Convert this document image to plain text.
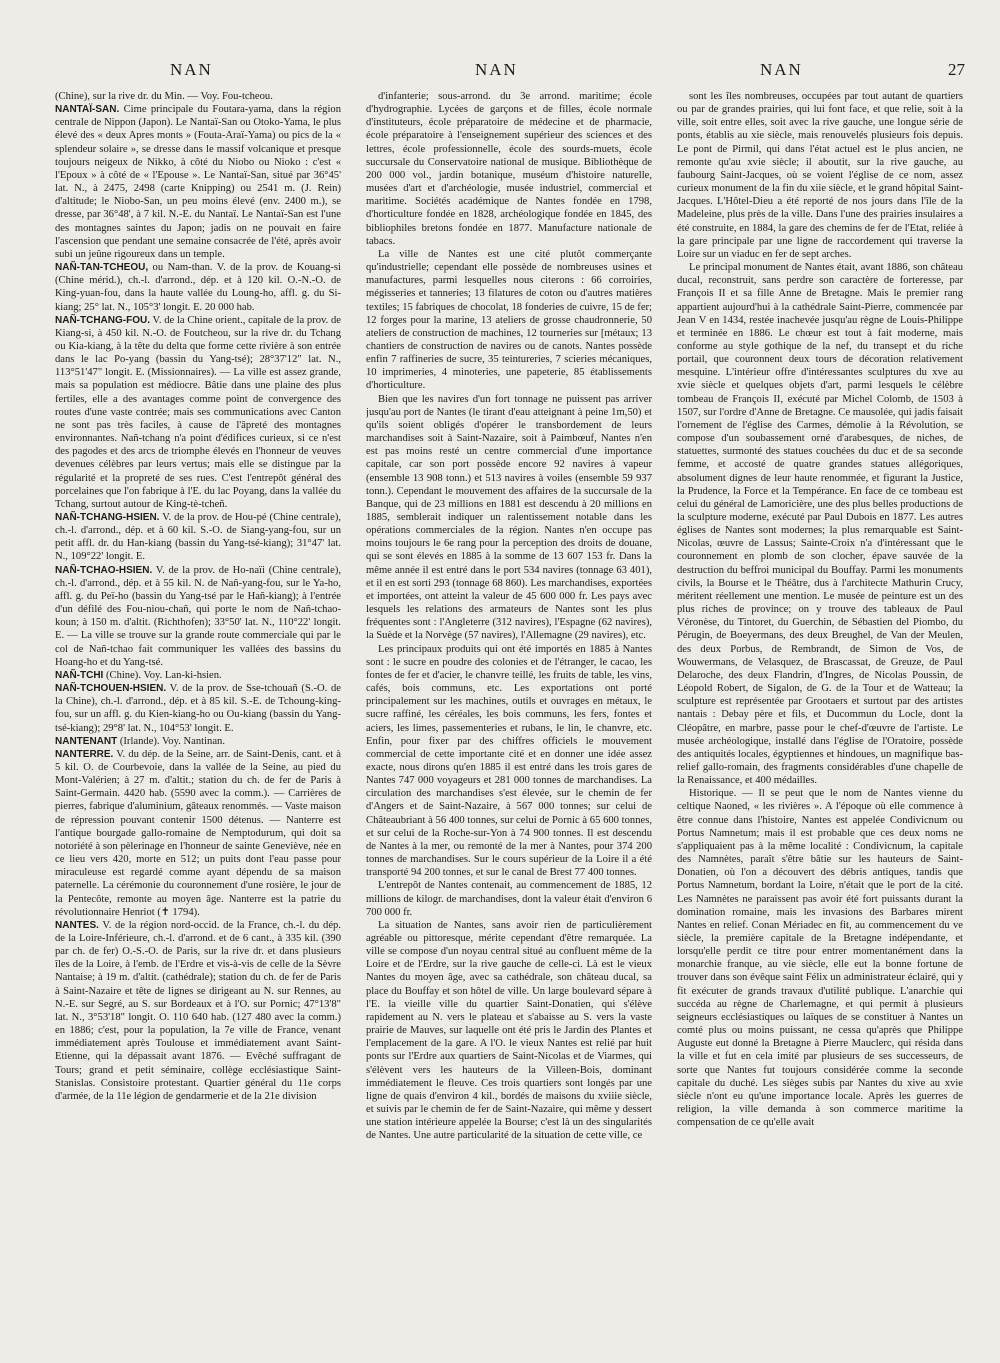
NAN	NAN	NAN	27

(Chine), sur la rive dr. du Min. — Voy. Fou-tcheou.

NANTAÏ-SAN. Cime principale du Foutara-yama, dans la région centrale de Nippon (Japon). Le Nantaï-San ou Otoko-Yama, le plus élevé des « deux Apres monts » (Fouta-Araï-Yama) ou pics de la « splendeur solaire », se dresse dans le massif volcanique et presque toujours neigeux de Nikko, à côté du Niobo ou Nioko : c'est « l'Epoux » à côté de « l'Epouse ». Le Nantaï-San, situé par 36°45' lat. N., à 2475, 2498 (carte Knipping) ou 2541 m. (J. Rein) d'altitude; le Niobo-San, un peu moins élevé (env. 2400 m.), se dresse, par 36°48', à 7 kil. N.-E. du Nantaï. Le Nantaï-San est l'une des montagnes saintes du Japon; jadis on ne pouvait en faire l'ascension que pendant une semaine consacrée de l'été, après avoir subi un jeûne rigoureux dans un temple.

NAÑ-TAN-TCHEOU, ou Nam-than. V. de la prov. de Kouang-si (Chine mérid.), ch.-l. d'arrond., dép. et à 120 kil. O.-N.-O. de King-yuan-fou, dans la haute vallée du Loung-ho, affl. g. du Si-kiang; 25° lat. N., 105°3' longit. E. 20 000 hab.

NAÑ-TCHANG-FOU. V. de la Chine orient., capitale de la prov. de Kiang-si, à 450 kil. N.-O. de Foutcheou, sur la rive dr. du Tchang ou Kia-kiang, à la tête du delta que forme cette rivière à son entrée dans le lac Po-yang (bassin du Yang-tsé); 28°37'12" lat. N., 113°51'47" longit. E. (Missionnaires). — La ville est assez grande, mais sa population est médiocre. Bâtie dans une plaine des plus fertiles, elle a des avantages comme point de convergence des routes d'une vaste contrée; mais ses communications avec Canton ne sont pas très faciles, à cause de l'âpreté des montagnes environnantes. Nañ-tchang n'a point d'édifices curieux, si ce n'est des pagodes et des arcs de triomphe élevés en l'honneur de veuves devenues célèbres par leurs vertus; mais elle se distingue par la régularité et la propreté de ses rues. C'est l'entrepôt général des porcelaines que l'on fabrique à l'E. du lac Poyang, dans la vallée du Tchang, surtout autour de King-tè-tcheñ.

NAÑ-TCHANG-HSIEN. V. de la prov. de Hou-pé (Chine centrale), ch.-l. d'arrond., dép. et à 60 kil. S.-O. de Siang-yang-fou, sur un petit affl. dr. du Han-kiang (bassin du Yang-tsé-kiang); 31°47' lat. N., 109°22' longit. E.

NAÑ-TCHAO-HSIEN. V. de la prov. de Ho-naïi (Chine centrale), ch.-l. d'arrond., dép. et à 55 kil. N. de Nañ-yang-fou, sur le Ya-ho, affl. g. du Peï-ho (bassin du Yang-tsé par le Hañ-kiang); à l'entrée d'un défilé des Fou-niou-chañ, qui porte le nom de Nañ-tchao-koun; à 150 m. d'altit. (Richthofen); 33°50' lat. N., 110°22' longit. E. — La ville se trouve sur la grande route commerciale qui par le col de Nañ-tchao fait communiquer les vallées des bassins du Hoang-ho et du Yang-tsé.

NAÑ-TCHI (Chine). Voy. Lan-ki-hsien.

NAÑ-TCHOUEN-HSIEN. V. de la prov. de Sse-tchouañ (S.-O. de la Chine), ch.-l. d'arrond., dép. et à 85 kil. S.-E. de Tchoung-king-fou, sur un affl. g. du Kien-kiang-ho ou Ou-kiang (bassin du Yang-tsé-kiang); 29°8' lat. N., 104°53' longit. E.

NANTENANT (Irlande). Voy. Nantinan.

NANTERRE. V. du dép. de la Seine, arr. de Saint-Denis, cant. et à 5 kil. O. de Courbevoie, dans la vallée de la Seine, au pied du Mont-Valérien; à 27 m. d'altit.; station du ch. de fer de Paris à Saint-Germain. 4420 hab. (5590 avec la comm.). — Carrières de pierres, fabrique d'aluminium, gâteaux renommés. — Vaste maison de répression pouvant contenir 1500 détenus. — Nanterre est l'antique bourgade gallo-romaine de Nemptodurum, qui doit sa notoriété à son pèlerinage en l'honneur de sainte Geneviève, née en ce lieu vers 420, morte en 512; un puits dont l'eau passe pour miraculeuse est regardé comme ayant dépendu de sa maison paternelle. La cérémonie du couronnement d'une rosière, le jour de la Pentecôte, remonte au moyen âge. Nanterre est la patrie du révolutionnaire Henriot (✝ 1794).

NANTES. V. de la région nord-occid. de la France, ch.-l. du dép. de la Loire-Inférieure, ch.-l. d'arrond. et de 6 cant., à 335 kil. (390 par ch. de fer) O.-S.-O. de Paris, sur la rive dr. et dans plusieurs îles de la Loire, à l'emb. de l'Erdre et vis-à-vis de celle de la Sèvre Nantaise; à 19 m. d'altit. (cathédrale); station du ch. de fer de Paris à Saint-Nazaire et tête de lignes se dirigeant au N. sur Rennes, au N.-E. sur Segré, au S. sur Bordeaux et à l'O. sur Pornic; 47°13'8" lat. N., 3°53'18" longit. O. 110 640 hab. (127 480 avec la comm.) en 1886; c'est, pour la population, la 7e ville de France, venant immédiatement après Toulouse et immédiatement avant Saint-Etienne, qui la dépassait avant 1876. — Evêché suffragant de Tours; grand et petit séminaire, collège ecclésiastique Saint-Stanislas. Consistoire protestant. Quartier général du 11e corps d'armée, de la 11e légion de gendarmerie et de la 21e division

d'infanterie; sous-arrond. du 3e arrond. maritime; école d'hydrographie. Lycées de garçons et de filles, école normale d'instituteurs, école préparatoire de médecine et de pharmacie, école préparatoire à l'enseignement supérieur des sciences et des lettres, école professionnelle, école des sourds-muets, école succursale du Conservatoire national de musique. Bibliothèque de 200 000 vol., jardin botanique, muséum d'histoire naturelle, musées d'art et d'archéologie, musée industriel, commercial et maritime. Sociétés académique de Nantes fondée en 1798, d'horticulture fondée en 1828, archéologique fondée en 1845, des bibliophiles bretons fondée en 1877. Manufacture nationale de tabacs.

La ville de Nantes est une cité plutôt commerçante qu'industrielle; cependant elle possède de nombreuses usines et manufactures, parmi lesquelles nous citerons : 66 corroiries, mégisseries et tanneries; 13 filatures de coton ou d'autres matières textiles; 15 fabriques de chocolat, 18 fonderies de cuivre, 15 de fer; 12 forges pour la marine, 13 ateliers de grosse chaudronnerie, 50 ateliers de construction de machines, 12 tourneries sur [métaux; 13 chantiers de construction de navires ou de canots. Nantes possède enfin 7 raffineries de sucre, 35 teintureries, 7 scieries mécaniques, 10 imprimeries, 4 minoteries, une papeterie, 85 établissements d'horticulture.

Bien que les navires d'un fort tonnage ne puissent pas arriver jusqu'au port de Nantes (le tirant d'eau atteignant à peine 1m,50) et qu'ils soient obligés d'opérer le transbordement de leurs marchandises soit à Saint-Nazaire, soit à Paimbœuf, Nantes n'en est pas moins resté un centre commercial d'une importance capitale, car son port possède encore 92 navires à vapeur (ensemble 13 908 tonn.) et 513 navires à voiles (ensemble 59 937 tonn.). Cependant le mouvement des affaires de la succursale de la Banque, qui de 23 millions en 1881 est descendu à 20 millions en 1885, semblerait indiquer un ralentissement notable dans les opérations commerciales de la région. Nantes n'en occupe pas moins toujours le 6e rang pour la perception des droits de douane, qui se sont élevés en 1885 à la somme de 13 607 153 fr. Dans la même année il est entré dans le port 534 navires (tonnage 63 401), et il en est sorti 293 (tonnage 68 860). Les marchandises, exportées et importées, ont atteint la valeur de 45 600 000 fr. Les pays avec lesquels les relations des armateurs de Nantes sont les plus fréquentes sont : l'Angleterre (312 navires), l'Espagne (62 navires), la Suède et la Norvège (57 navires), l'Allemagne (29 navires), etc.

Les principaux produits qui ont été importés en 1885 à Nantes sont : le sucre en poudre des colonies et de l'étranger, le cacao, les fontes de fer et d'acier, le chanvre teillé, les fruits de table, les vins, cafés, bois communs, etc. Les exportations ont porté principalement sur les machines, outils et ouvrages en métaux, le sucre raffiné, les céréales, les bois communs, les fers, fontes et aciers, les limes, passementeries et rubans, le lin, le chanvre, etc. Enfin, pour fixer par des chiffres officiels le mouvement commercial de cette importante cité et en donner une idée assez exacte, nous dirons qu'en 1885 il est entré dans les trois gares de Nantes 747 000 voyageurs et 281 000 tonnes de marchandises. La circulation des marchandises s'est élevée, sur le chemin de fer d'Angers et de Saint-Nazaire, à 567 000 tonnes; sur celui de Châteaubriant à 56 400 tonnes, sur celui de Pornic à 65 600 tonnes, et sur celui de la Roche-sur-Yon à 74 900 tonnes. Il est descendu de Nantes à la mer, ou remonté de la mer à Nantes, pour 374 200 tonnes de marchandises. Sur le cours supérieur de la Loire il a été transporté 94 200 tonnes, et sur le canal de Brest 77 400 tonnes.

L'entrepôt de Nantes contenait, au commencement de 1885, 12 millions de kilogr. de marchandises, dont la valeur était d'environ 6 700 000 fr.

La situation de Nantes, sans avoir rien de particulièrement agréable ou pittoresque, mérite cependant d'être remarquée. La ville se compose d'un noyau central situé au confluent même de la Loire et de l'Erdre, sur la rive gauche de celle-ci. Là est le vieux Nantes du moyen âge, avec sa cathédrale, son château ducal, sa place du Bouffay et son hôtel de ville. Un large boulevard sépare à l'E. la vieille ville du quartier Saint-Donatien, qui s'élève rapidement au N. vers le plateau et s'abaisse au S. vers la vaste prairie de Mauves, sur laquelle ont été pris le Jardin des Plantes et l'emplacement de la gare. A l'O. le vieux Nantes est relié par huit ponts sur l'Erdre aux quartiers de Saint-Nicolas et de Viarmes, qui s'élèvent vers les hauteurs de la Villeen-Bois, dominant immédiatement le fleuve. Ces trois quartiers sont longés par une ligne de quais d'environ 4 kil., bordés de maisons du xviiie siècle, et suivis par le chemin de fer de Saint-Nazaire, qui même y dessert une station intérieure appelée la Bourse; c'est là un des singularités de Nantes. Une autre particularité de la situation de cette ville, ce

sont les îles nombreuses, occupées par tout autant de quartiers ou par de grandes prairies, qui lui font face, et que relie, soit à la ville, soit entre elles, soit avec la rive gauche, une longue série de ponts, établis au xie siècle, mais renouvelés plusieurs fois depuis. Le pont de Pirmil, qui dans l'état actuel est le plus ancien, ne remonte qu'au xvie siècle; il aboutit, sur la rive gauche, au faubourg Saint-Jacques, où se voient l'église de ce nom, assez curieux monument de la fin du xiie siècle, et le grand hôpital Saint-Jacques. L'Hôtel-Dieu a été reporté de nos jours dans l'île de la Madeleine, plus près de la ville. Dans l'une des prairies insulaires a été construite, en 1884, la gare des chemins de fer de l'Etat, reliée à la gare principale par une ligne de raccordement qui traverse la Loire sur un viaduc en fer de sept arches.

Le principal monument de Nantes était, avant 1886, son château ducal, reconstruit, sans perdre son caractère de forteresse, par François II et sa fille Anne de Bretagne. Mais le premier rang appartient aujourd'hui à la cathédrale Saint-Pierre, commencée par Jean V en 1434, restée inachevée jusqu'au règne de Louis-Philippe et terminée en 1886. Le chœur est tout à fait moderne, mais conforme au style gothique de la nef, du transept et du riche portail, que couronnent deux tours de décoration relativement mesquine. L'intérieur offre d'intéressantes sculptures du xve au xvie siècle et quelques objets d'art, parmi lesquels le célèbre tombeau de François II, exécuté par Michel Colomb, de 1503 à 1507, sur l'ordre d'Anne de Bretagne. Ce mausolée, qui jadis faisait l'ornement de l'église des Carmes, démolie à la Révolution, se compose d'un soubassement orné d'arabesques, de niches, de statuettes, surmonté des statues couchées du duc et de sa seconde femme, et accosté de quatre grandes statues allégoriques, absolument dignes de leur haute renommée, et figurant la Justice, la Prudence, la Force et la Tempérance. En face de ce tombeau est celui du général de Lamoricière, une des plus belles productions de la sculpture moderne, exécuté par Paul Dubois en 1877. Les autres églises de Nantes sont modernes; la plus remarquable est Saint-Nicolas, œuvre de Lassus; Sainte-Croix n'a d'intéressant que le couronnement en plomb de son clocher, épave sauvée de la destruction du beffroi municipal du Bouffay. Parmi les monuments civils, la Bourse et le Théâtre, dus à l'architecte Mathurin Crucy, méritent réellement une mention. Le musée de peinture est un des plus riches de province; on y trouve des tableaux de Paul Véronèse, du Tintoret, du Guerchin, de Sébastien del Piombo, du Pérugin, de Boeyermans, des deux Breughel, de Van der Meulen, des deux Porbus, de Rembrandt, de Simon de Vos, de Wouwermans, de Velasquez, de Brascassat, de Greuze, de Paul Delaroche, des deux Flandrin, d'Ingres, de Nicolas Poussin, de Léopold Robert, de Sigalon, de G. de la Tour et de Watteau; la sculpture est représentée par Grootaers et surtout par des artistes nantais : Debay père et fils, et Ducommun du Locle, dont la Cléopâtre, en marbre, passe pour le chef-d'œuvre de l'artiste. Le musée archéologique, installé dans l'église de l'Oratoire, possède des antiquités locales, égyptiennes et hindoues, un magnifique bas-relief gallo-romain, des fragments considérables d'une chapelle de la Renaissance, et 400 médailles.

Historique. — Il se peut que le nom de Nantes vienne du celtique Naoned, « les rivières ». A l'époque où elle commence à être connue dans l'histoire, Nantes est appelée Condivicnum ou Portus Namnetum; mais il est probable que ces deux noms ne s'appliquaient pas à la même localité : Condivicnum, la capitale des Namnètes, paraît s'être bâtie sur les hauteurs de Saint-Donatien, où l'on a découvert des débris antiques, tandis que Portus Namnetum, bordant la Loire, n'était que le port de la cité. Les Namnètes ne paraissent pas avoir été fort puissants durant la domination romaine, mais les invasions des Barbares mirent Nantes en relief. Conan Mériadec en fit, au commencement du ve siècle, la première capitale de la Bretagne indépendante, et lorsqu'elle perdit ce titre pour entrer momentanément dans la monarchie franque, au vie siècle, elle eut la bonne fortune de trouver dans son évêque saint Félix un administrateur éclairé, qui y fit exécuter de grands travaux d'utilité publique. L'anarchie qui succéda au règne de Charlemagne, et qui permit à plusieurs seigneurs ecclésiastiques ou laïques de se constituer à Nantes un comté plus ou moins puissant, ne cessa qu'après que Philippe Auguste eut donné la Bretagne à Pierre Mauclerc, qui résida dans la ville et fut en cela imité par plusieurs de ses successeurs, de sorte que Nantes fut toujours considérée comme la seconde capitale du duché. Les sièges subis par Nantes du xive au xvie siècle n'ont eu qu'une importance locale. Après les guerres de religion, la ville demanda à son commerce maritime la compensation de ce qu'elle avait
